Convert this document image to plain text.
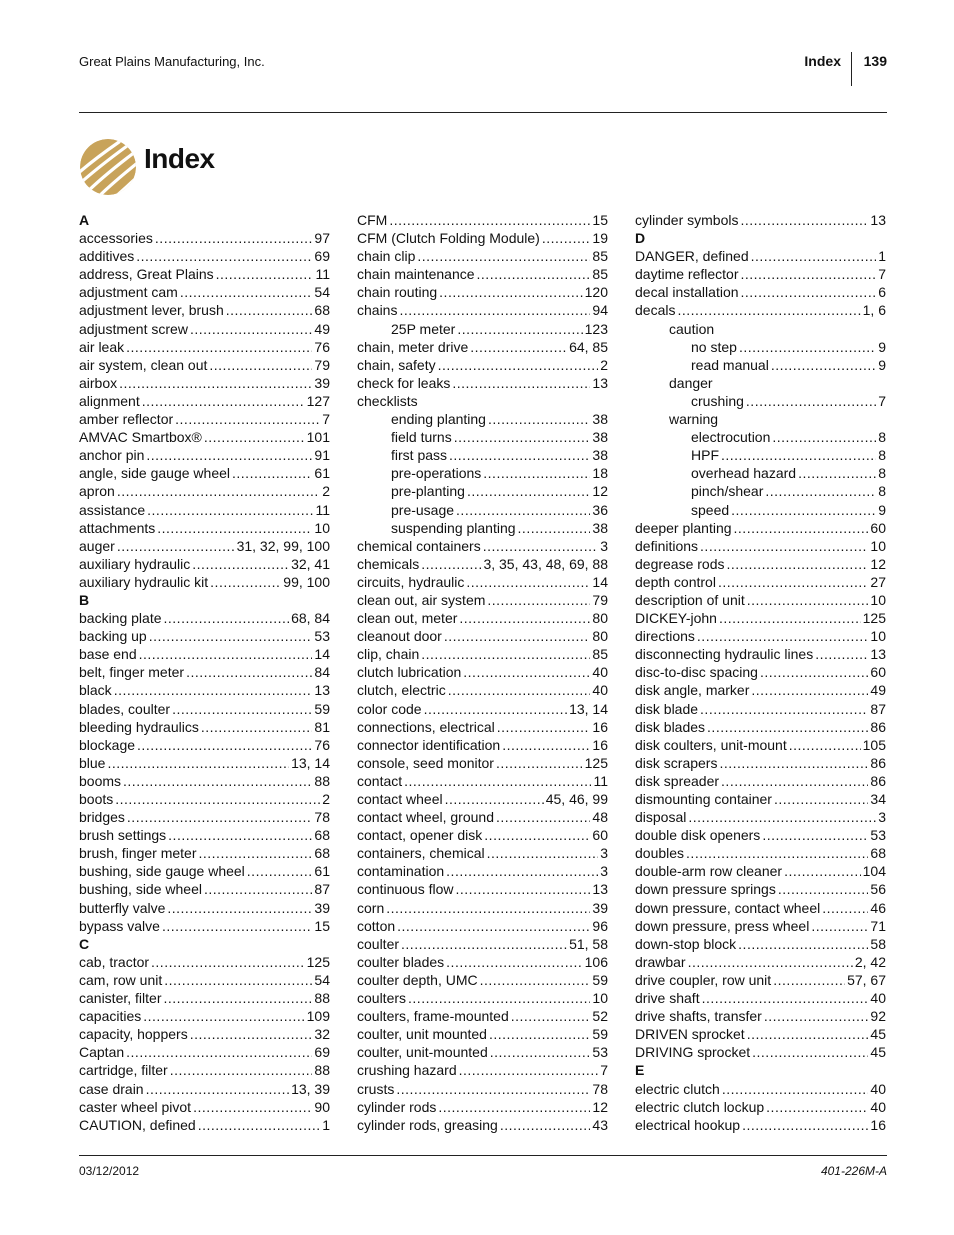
Great Plains Manufacturing, Inc.	Index 139
Index
A
accessories .....	97
additives .....	69
address, Great Plains .....	11
adjustment cam .....	54
adjustment lever, brush .....	68
adjustment screw .....	49
air leak .....	76
air system, clean out .....	79
airbox .....	39
alignment .....	127
amber reflector .....	7
AMVAC Smartbox® .....	101
anchor pin .....	91
angle, side gauge wheel .....	61
apron .....	2
assistance .....	11
attachments .....	10
auger .....	31, 32, 99, 100
auxiliary hydraulic .....	32, 41
auxiliary hydraulic kit .....	99, 100
B
backing plate .....	68, 84
backing up .....	53
base end .....	14
belt, finger meter .....	84
black .....	13
blades, coulter .....	59
bleeding hydraulics .....	81
blockage .....	76
blue .....	13, 14
booms .....	88
boots .....	2
bridges .....	78
brush settings .....	68
brush, finger meter .....	68
bushing, side gauge wheel .....	61
bushing, side wheel .....	87
butterfly valve .....	39
bypass valve .....	15
C
cab, tractor .....	125
cam, row unit .....	54
canister, filter .....	88
capacities .....	109
capacity, hoppers .....	32
Captan .....	69
cartridge, filter .....	88
case drain .....	13, 39
caster wheel pivot .....	90
CAUTION, defined .....	1
CFM .....	15
CFM (Clutch Folding Module) .....	19
chain clip .....	85
chain maintenance .....	85
chain routing .....	120
chains .....	94
25P meter .....	123
chain, meter drive .....	64, 85
chain, safety .....	2
check for leaks .....	13
checklists
ending planting .....	38
field turns .....	38
first pass .....	38
pre-operations .....	18
pre-planting .....	12
pre-usage .....	36
suspending planting .....	38
chemical containers .....	3
chemicals .....	3, 35, 43, 48, 69, 88
circuits, hydraulic .....	14
clean out, air system .....	79
clean out, meter .....	80
cleanout door .....	80
clip, chain .....	85
clutch lubrication .....	40
clutch, electric .....	40
color code .....	13, 14
connections, electrical .....	16
connector identification .....	16
console, seed monitor .....	125
contact .....	11
contact wheel .....	45, 46, 99
contact wheel, ground .....	48
contact, opener disk .....	60
containers, chemical .....	3
contamination .....	3
continuous flow .....	13
corn .....	39
cotton .....	96
coulter .....	51, 58
coulter blades .....	106
coulter depth, UMC .....	59
coulters .....	10
coulters, frame-mounted .....	52
coulter, unit mounted .....	59
coulter, unit-mounted .....	53
crushing hazard .....	7
crusts .....	78
cylinder rods .....	12
cylinder rods, greasing .....	43
cylinder symbols .....	13
D
DANGER, defined .....	1
daytime reflector .....	7
decal installation .....	6
decals .....	1, 6
caution
no step .....	9
read manual .....	9
danger
crushing .....	7
warning
electrocution .....	8
HPF .....	8
overhead hazard .....	8
pinch/shear .....	8
speed .....	9
deeper planting .....	60
definitions .....	10
degrease rods .....	12
depth control .....	27
description of unit .....	10
DICKEY-john .....	125
directions .....	10
disconnecting hydraulic lines .....	13
disc-to-disc spacing .....	60
disk angle, marker .....	49
disk blade .....	87
disk blades .....	86
disk coulters, unit-mount .....	105
disk scrapers .....	86
disk spreader .....	86
dismounting container .....	34
disposal .....	3
double disk openers .....	53
doubles .....	68
double-arm row cleaner .....	104
down pressure springs .....	56
down pressure, contact wheel .....	46
down pressure, press wheel .....	71
down-stop block .....	58
drawbar .....	2, 42
drive coupler, row unit .....	57, 67
drive shaft .....	40
drive shafts, transfer .....	92
DRIVEN sprocket .....	45
DRIVING sprocket .....	45
E
electric clutch .....	40
electric clutch lockup .....	40
electrical hookup .....	16
03/12/2012	401-226M-A
